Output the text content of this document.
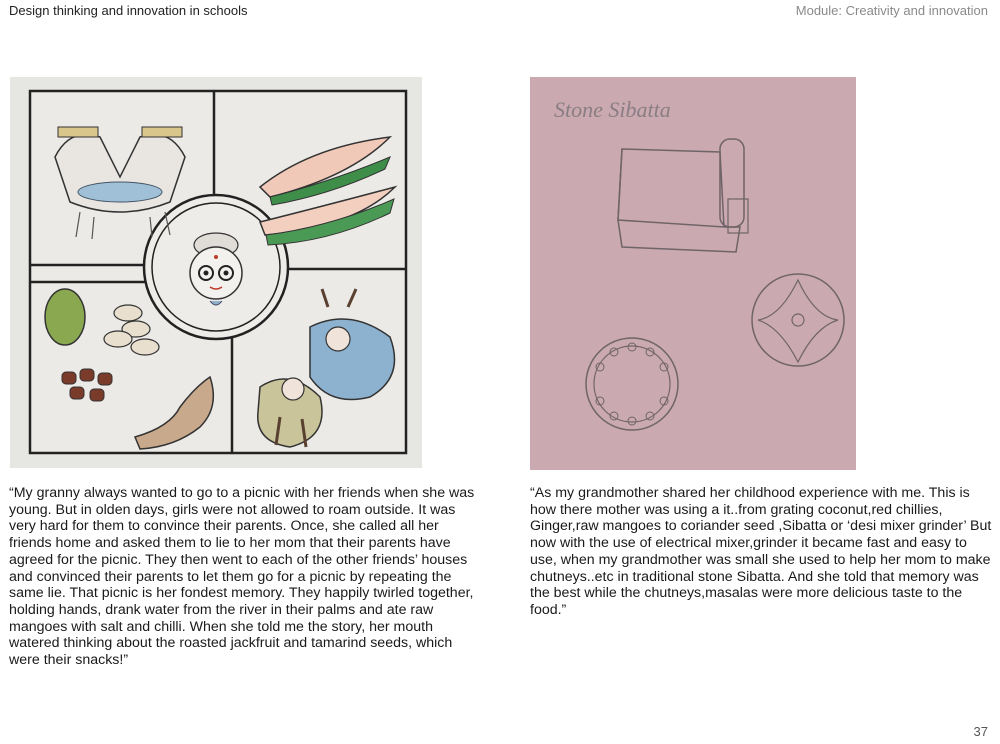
Design thinking and innovation in schools	Module: Creativity and innovation
Stone Sibatta

“My granny always wanted to go to a picnic with her friends when she was young. But in olden days, girls were not allowed to roam outside. It was very hard for them to convince their parents. Once, she called all her friends home and asked them to lie to her mom that their parents have agreed for the picnic. They then went to each of the other friends’ houses and convinced their parents to let them go for a picnic by repeating the same lie. That picnic is her fondest memory. They happily twirled together, holding hands, drank water from the river in their palms and ate raw mangoes with salt and chilli. When she told me the story, her mouth watered thinking about the roasted jackfruit and tamarind seeds, which were their snacks!”

“As my grandmother shared her childhood experience with me. This is how there mother was using a it..from grating coconut,red chillies, Ginger,raw mangoes to coriander seed ,Sibatta or ‘desi mixer grinder’ But now with the use of electrical mixer,grinder it became fast and easy to use, when my grandmother was small she used to help her mom to make chutneys..etc in traditional stone Sibatta. And she told that memory was the best while the chutneys,masalas were more delicious taste to the food.”

37
